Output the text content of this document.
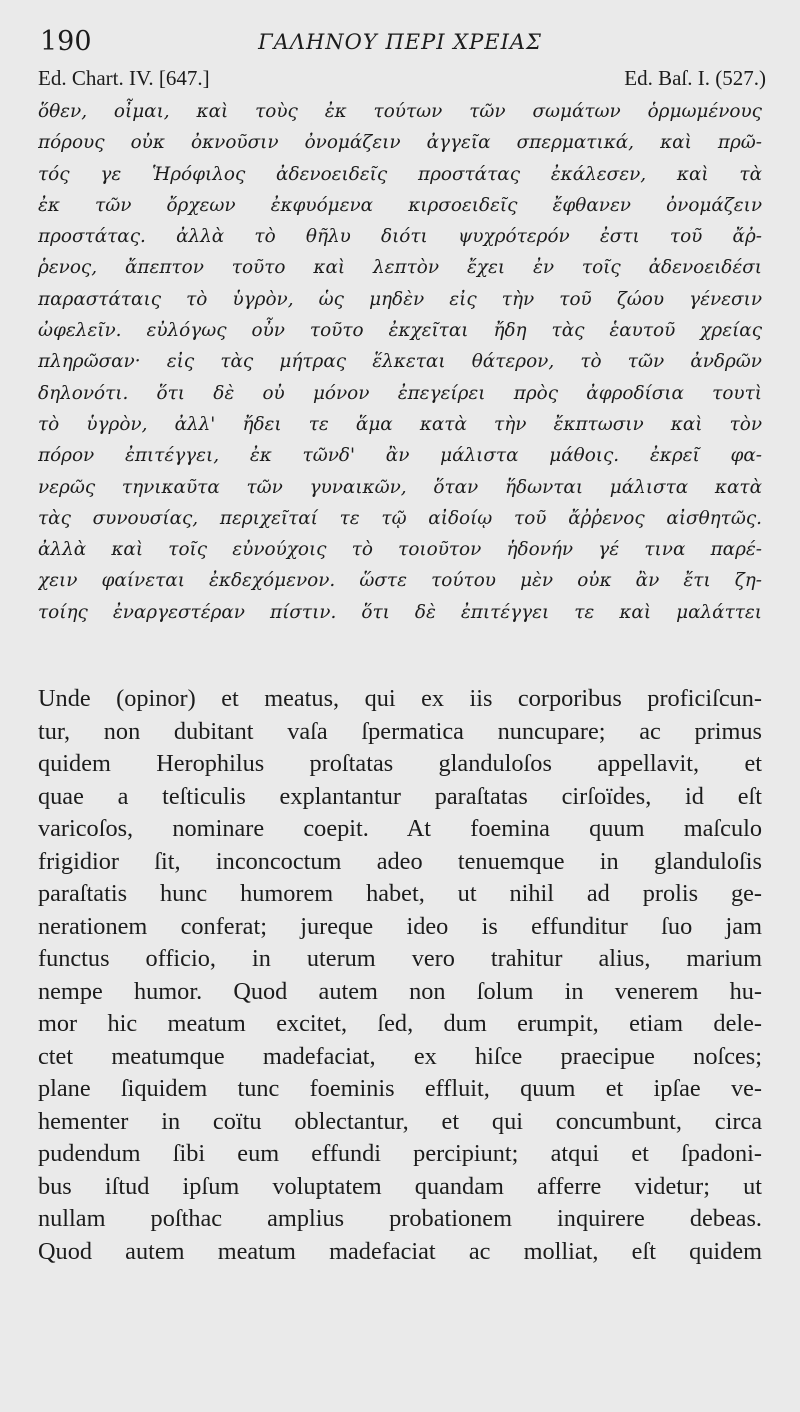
190	ΓΑΛΗΝΟΥ ΠΕΡΙ ΧΡΕΙΑΣ
Ed. Chart. IV. [647.]	Ed. Baſ. I. (527.)
ὅθεν, οἶμαι, καὶ τοὺς ἐκ τούτων τῶν σωμάτων ὁρμωμένους
πόρους οὐκ ὀκνοῦσιν ὀνομάζειν ἀγγεῖα σπερματικά, καὶ πρῶ-
τός γε Ἡρόφιλος ἀδενοειδεῖς προστάτας ἐκάλεσεν, καὶ τὰ
ἐκ τῶν ὄρχεων ἐκφυόμενα κιρσοειδεῖς ἔφθανεν ὀνομάζειν
προστάτας. ἀλλὰ τὸ θῆλυ διότι ψυχρότερόν ἐστι τοῦ ἄῤ-
ῥενος, ἄπεπτον τοῦτο καὶ λεπτὸν ἔχει ἐν τοῖς ἀδενοειδέσι
παραστάταις τὸ ὑγρὸν, ὡς μηδὲν εἰς τὴν τοῦ ζώου γένεσιν
ὠφελεῖν. εὐλόγως οὖν τοῦτο ἐκχεῖται ἤδη τὰς ἑαυτοῦ χρείας
πληρῶσαν· εἰς τὰς μήτρας ἕλκεται θάτερον, τὸ τῶν ἀνδρῶν
δηλονότι. ὅτι δὲ οὐ μόνον ἐπεγείρει πρὸς ἀφροδίσια τουτὶ
τὸ ὑγρὸν, ἀλλ' ἤδει τε ἅμα κατὰ τὴν ἔκπτωσιν καὶ τὸν
πόρον ἐπιτέγγει, ἐκ τῶνδ' ἂν μάλιστα μάθοις. ἐκρεῖ φα-
νερῶς τηνικαῦτα τῶν γυναικῶν, ὅταν ἥδωνται μάλιστα κατὰ
τὰς συνουσίας, περιχεῖταί τε τῷ αἰδοίῳ τοῦ ἄῤῥενος αἰσθητῶς.
ἀλλὰ καὶ τοῖς εὐνούχοις τὸ τοιοῦτον ἡδονήν γέ τινα παρέ-
χειν φαίνεται ἐκδεχόμενον. ὥστε τούτου μὲν οὐκ ἂν ἔτι ζη-
τοίης ἐναργεστέραν πίστιν. ὅτι δὲ ἐπιτέγγει τε καὶ μαλάττει
Unde (opinor) et meatus, qui ex iis corporibus proficiſcun-
tur, non dubitant vaſa ſpermatica nuncupare; ac primus
quidem Herophilus proſtatas glanduloſos appellavit, et
quae a teſticulis explantantur paraſtatas cirſoïdes, id eſt
varicoſos, nominare coepit. At foemina quum maſculo
frigidior ſit, inconcoctum adeo tenuemque in glanduloſis
paraſtatis hunc humorem habet, ut nihil ad prolis ge-
nerationem conferat; jureque ideo is effunditur ſuo jam
functus officio, in uterum vero trahitur alius, marium
nempe humor. Quod autem non ſolum in venerem hu-
mor hic meatum excitet, ſed, dum erumpit, etiam dele-
ctet meatumque madefaciat, ex hiſce praecipue noſces;
plane ſiquidem tunc foeminis effluit, quum et ipſae ve-
hementer in coïtu oblectantur, et qui concumbunt, circa
pudendum ſibi eum effundi percipiunt; atqui et ſpadoni-
bus iſtud ipſum voluptatem quandam afferre videtur; ut
nullam poſthac amplius probationem inquirere debeas.
Quod autem meatum madefaciat ac molliat, eſt quidem
